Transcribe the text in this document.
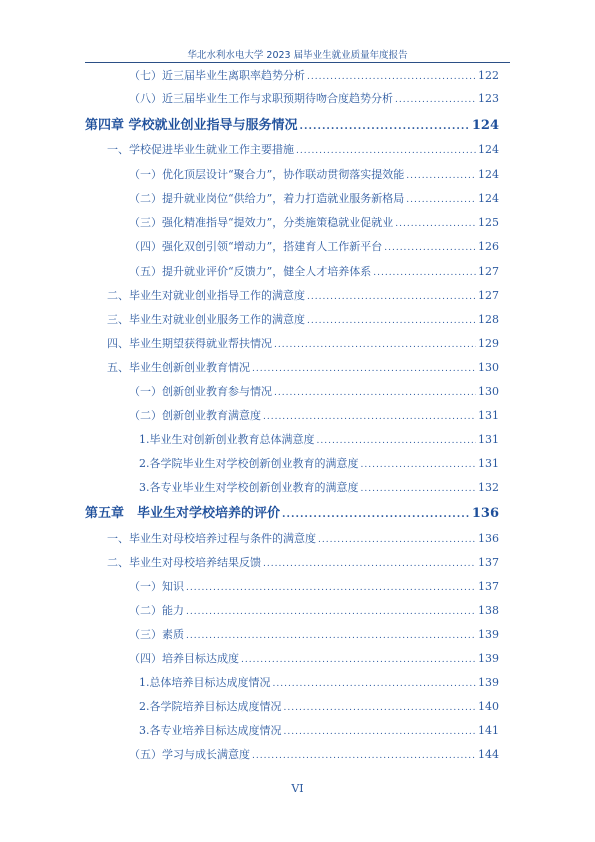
华北水利水电大学 2023 届毕业生就业质量年度报告
（七）近三届毕业生离职率趋势分析 .....	122
（八）近三届毕业生工作与求职预期待吻合度趋势分析 .....	123
第四章 学校就业创业指导与服务情况 .....	124
一、学校促进毕业生就业工作主要措施 .....	124
（一）优化顶层设计“聚合力”，协作联动贯彻落实提效能 .....	124
（二）提升就业岗位“供给力”，着力打造就业服务新格局 .....	124
（三）强化精准指导“提效力”，分类施策稳就业促就业 .....	125
（四）强化双创引领“增动力”，搭建育人工作新平台 .....	126
（五）提升就业评价“反馈力”，健全人才培养体系 .....	127
二、毕业生对就业创业指导工作的满意度 .....	127
三、毕业生对就业创业服务工作的满意度 .....	128
四、毕业生期望获得就业帮扶情况 .....	129
五、毕业生创新创业教育情况 .....	130
（一）创新创业教育参与情况 .....	130
（二）创新创业教育满意度 .....	131
1.毕业生对创新创业教育总体满意度 .....	131
2.各学院毕业生对学校创新创业教育的满意度 .....	131
3.各专业毕业生对学校创新创业教育的满意度 .....	132
第五章　毕业生对学校培养的评价 .....	136
一、毕业生对母校培养过程与条件的满意度 .....	136
二、毕业生对母校培养结果反馈 .....	137
（一）知识 .....	137
（二）能力 .....	138
（三）素质 .....	139
（四）培养目标达成度 .....	139
1.总体培养目标达成度情况 .....	139
2.各学院培养目标达成度情况 .....	140
3.各专业培养目标达成度情况 .....	141
（五）学习与成长满意度 .....	144
VI
